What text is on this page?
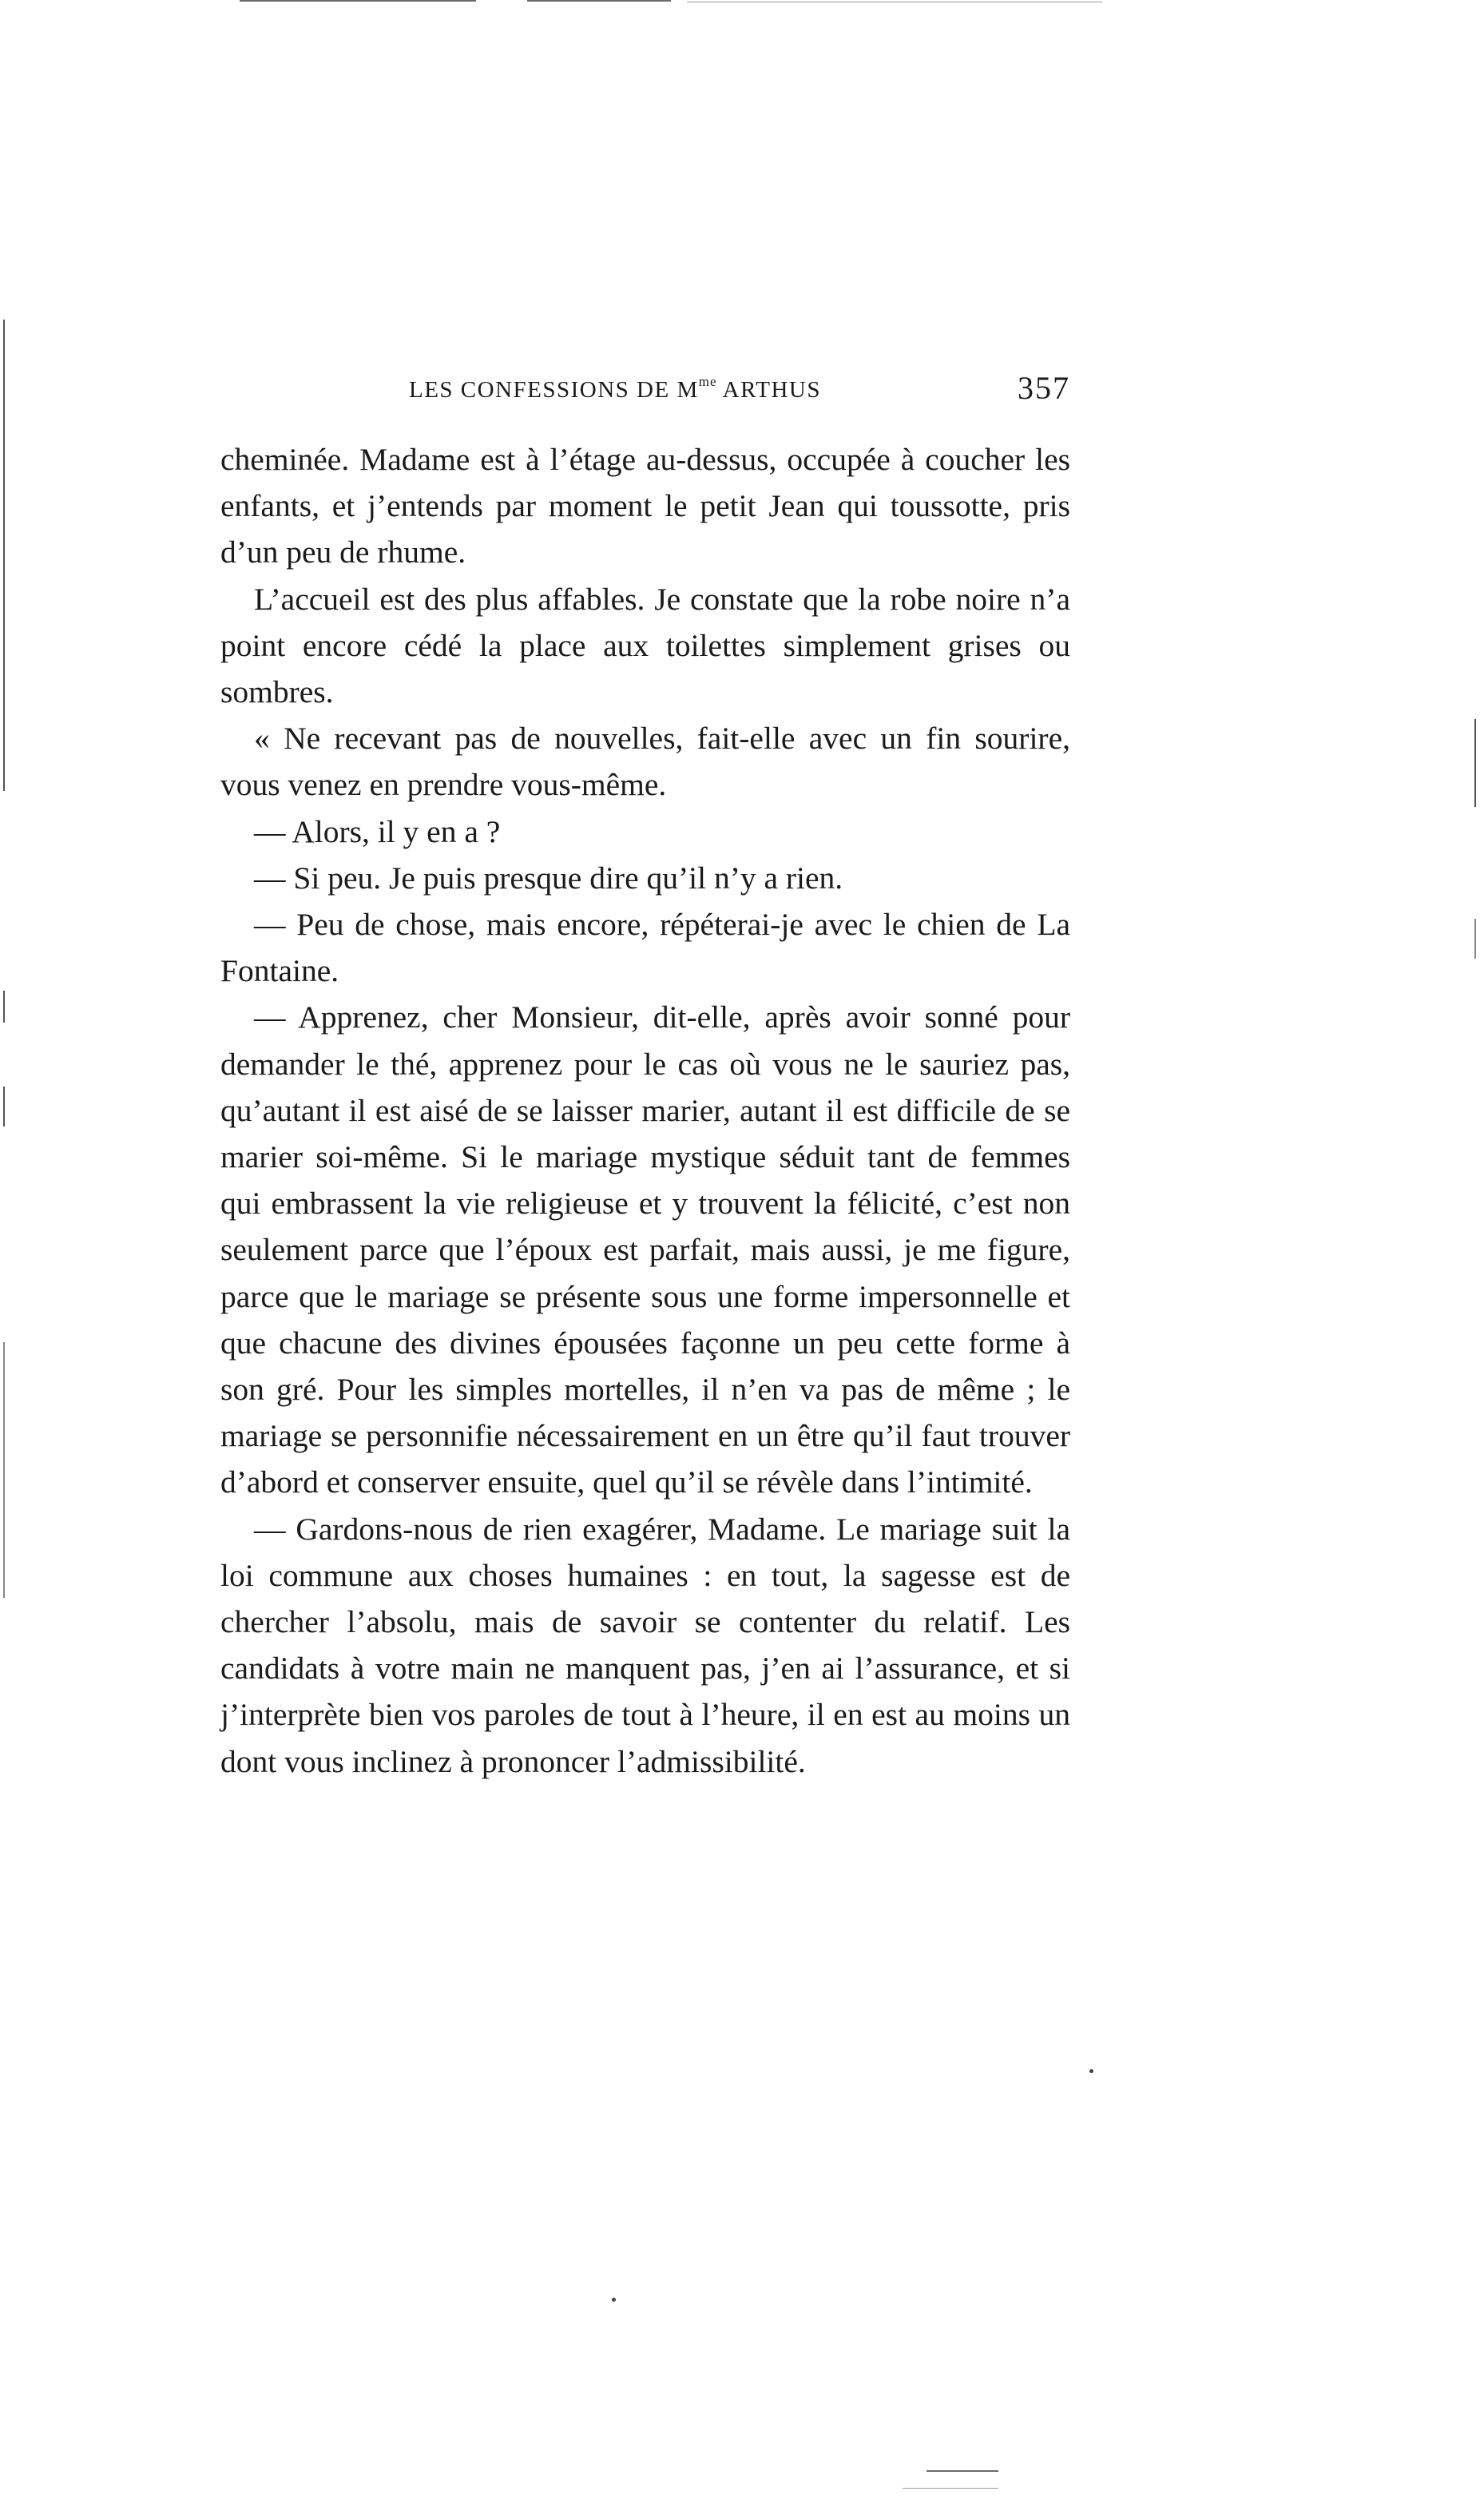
LES CONFESSIONS DE $M^{me}$ ARTHUS	357

cheminée. Madame est à l’étage au-dessus, occupée à coucher les enfants, et j’entends par moment le petit Jean qui toussotte, pris d’un peu de rhume.

L’accueil est des plus affables. Je constate que la robe noire n’a point encore cédé la place aux toilettes simplement grises ou sombres.

« Ne recevant pas de nouvelles, fait-elle avec un fin sourire, vous venez en prendre vous-même.

— Alors, il y en a ?

— Si peu. Je puis presque dire qu’il n’y a rien.

— Peu de chose, mais encore, répéterai-je avec le chien de La Fontaine.

— Apprenez, cher Monsieur, dit-elle, après avoir sonné pour demander le thé, apprenez pour le cas où vous ne le sauriez pas, qu’autant il est aisé de se laisser marier, autant il est difficile de se marier soi-même. Si le mariage mystique séduit tant de femmes qui embrassent la vie religieuse et y trouvent la félicité, c’est non seulement parce que l’époux est parfait, mais aussi, je me figure, parce que le mariage se présente sous une forme impersonnelle et que chacune des divines épousées façonne un peu cette forme à son gré. Pour les simples mortelles, il n’en va pas de même ; le mariage se personnifie nécessairement en un être qu’il faut trouver d’abord et conserver ensuite, quel qu’il se révèle dans l’intimité.

— Gardons-nous de rien exagérer, Madame. Le mariage suit la loi commune aux choses humaines : en tout, la sagesse est de chercher l’absolu, mais de savoir se contenter du relatif. Les candidats à votre main ne manquent pas, j’en ai l’assurance, et si j’interprète bien vos paroles de tout à l’heure, il en est au moins un dont vous inclinez à prononcer l’admissibilité.
